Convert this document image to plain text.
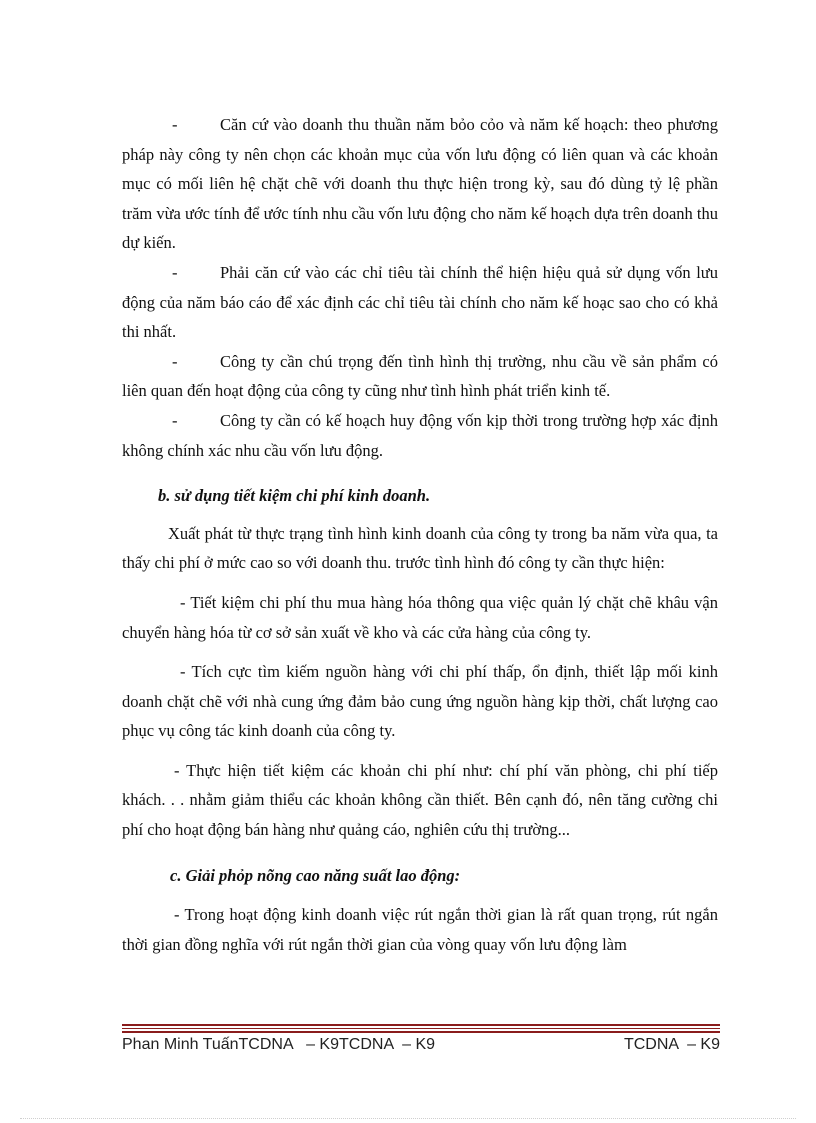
-	Căn cứ vào doanh thu thuần năm bỏo cỏo và năm kế hoạch: theo phương pháp này công ty nên chọn các khoản mục của vốn lưu động có liên quan và các khoản mục có mối liên hệ chặt chẽ với doanh thu thực hiện trong kỳ, sau đó dùng tỷ lệ phần trăm vừa ước tính để ước tính nhu cầu vốn lưu động cho năm kế hoạch dựa trên doanh thu dự kiến.

-	Phải căn cứ vào các chỉ tiêu tài chính thể hiện hiệu quả sử dụng vốn lưu động của năm báo cáo để xác định các chỉ tiêu tài chính cho năm kế hoạc sao cho có khả thi nhất.

-	Công ty cần chú trọng đến tình hình thị trường, nhu cầu về sản phẩm có liên quan đến hoạt động của công ty cũng như tình hình phát triển kinh tế.

-	Công ty cần có kế hoạch huy động vốn kịp thời trong trường hợp xác định không chính xác nhu cầu vốn lưu động.

b. sử dụng tiết kiệm chi phí kinh doanh.

Xuất phát từ thực trạng tình hình kinh doanh của công ty trong ba năm vừa qua, ta thấy chi phí ở mức cao so với doanh thu. trước tình hình đó công ty cần thực hiện:

- Tiết kiệm chi phí thu mua hàng hóa thông qua việc quản lý chặt chẽ khâu vận chuyển hàng hóa từ cơ sở sản xuất về kho và các cửa hàng của công ty.

- Tích cực tìm kiếm nguồn hàng với chi phí thấp, ổn định, thiết lập mối kinh doanh chặt chẽ với nhà cung ứng đảm bảo cung ứng nguồn hàng kịp thời, chất lượng cao phục vụ công tác kinh doanh của công ty.

- Thực hiện tiết kiệm các khoản chi phí như: chí phí văn phòng, chi phí tiếp khách. . . nhằm giảm thiểu các khoản không cần thiết. Bên cạnh đó, nên tăng cường chi phí cho hoạt động bán hàng như quảng cáo, nghiên cứu thị trường...

c. Giải phỏp nõng cao năng suất lao động:

- Trong hoạt động kinh doanh việc rút ngắn thời gian là rất quan trọng, rút ngắn thời gian đồng nghĩa với rút ngắn thời gian của vòng quay vốn lưu động làm

Phan Minh TuấnTCDNA   – K9TCDNA  – K9	TCDNA  – K9
